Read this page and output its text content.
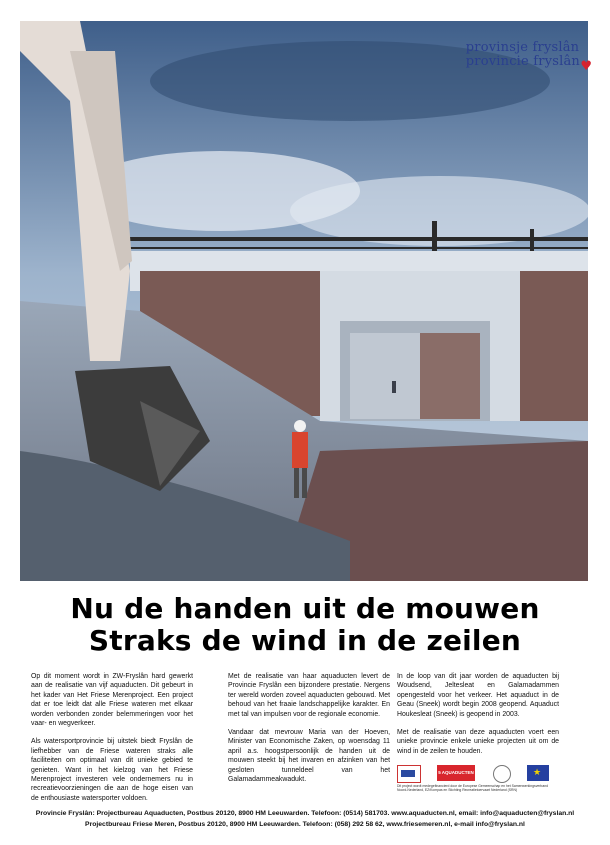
provinsje fryslân
provincie fryslân ♥
Nu de handen uit de mouwen
Straks de wind in de zeilen

Op dit moment wordt in ZW-Fryslân hard gewerkt aan de realisatie van vijf aquaducten. Dit gebeurt in het kader van Het Friese Merenproject. Een project dat er toe leidt dat alle Friese wateren met elkaar worden verbonden zonder belemmeringen voor het vaar- en wegverkeer.

Als watersportprovincie bij uitstek biedt Fryslân de liefhebber van de Friese wateren straks alle faciliteiten om optimaal van dit unieke gebied te genieten. Want in het kielzog van het Friese Merenproject investeren vele ondernemers nu in recreatievoorzieningen die aan de hoge eisen van de enthousiaste watersporter voldoen.

Met de realisatie van haar aquaducten levert de Provincie Fryslân een bijzondere prestatie. Nergens ter wereld worden zoveel aquaducten gebouwd. Met behoud van het fraaie landschappelijke karakter. En met tal van impulsen voor de regionale economie.

Vandaar dat mevrouw Maria van der Hoeven, Minister van Economische Zaken, op woensdag 11 april a.s. hoogstpersoonlijk de handen uit de mouwen steekt bij het invaren en afzinken van het gesloten tunneldeel van het Galamadammeakwadukt.

In de loop van dit jaar worden de aquaducten bij Woudsend, Jeltesleat en Galamadammen opengesteld voor het verkeer. Het aquaduct in de Geau (Sneek) wordt begin 2008 geopend. Aquaduct Houkesleat (Sneek) is geopend in 2003.

Met de realisatie van deze aquaducten voert een unieke provincie enkele unieke projecten uit om de wind in de zeilen te houden.

5 AQUADUCTEN
★
Dit project wordt medegefinancierd door de Europese Gemeenschap en het Samenwerkingsverband Noord-Nederland, EZ/Kompas en Stichting Recreatietoervaart Nederland (SRN)
Provincie Fryslân: Projectbureau Aquaducten, Postbus 20120, 8900 HM Leeuwarden. Telefoon: (0514) 581703. www.aquaducten.nl, email: info@aquaducten@fryslan.nl
Projectbureau Friese Meren, Postbus 20120, 8900 HM Leeuwarden. Telefoon: (058) 292 58 62, www.friesemeren.nl, e-mail info@fryslan.nl
